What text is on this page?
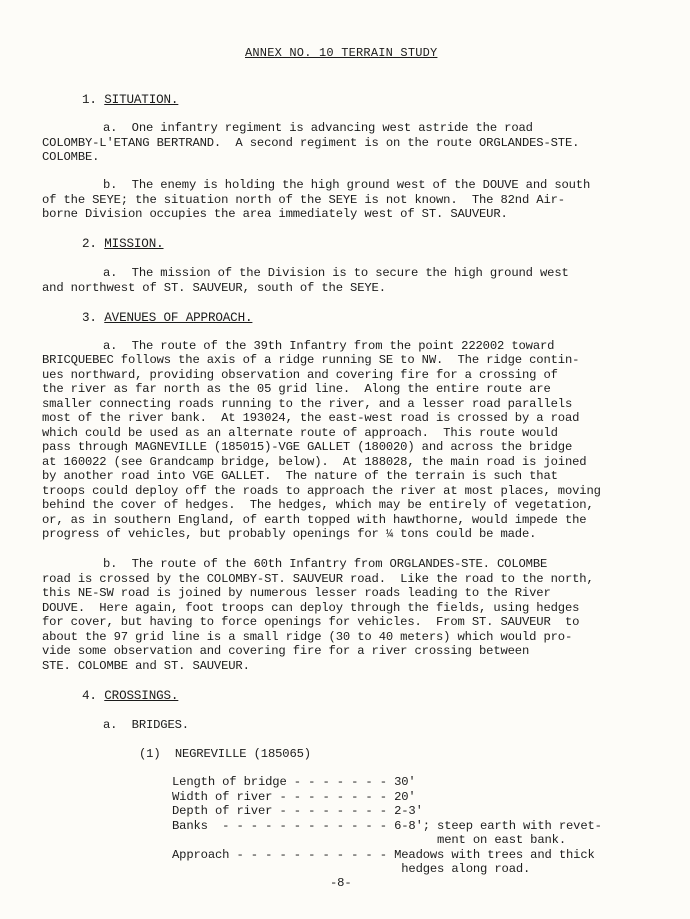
ANNEX NO. 10 TERRAIN STUDY
1. SITUATION.
a.  One infantry regiment is advancing west astride the road
COLOMBY-L'ETANG BERTRAND.  A second regiment is on the route ORGLANDES-STE.
COLOMBE.
b.  The enemy is holding the high ground west of the DOUVE and south
of the SEYE; the situation north of the SEYE is not known.  The 82nd Air-
borne Division occupies the area immediately west of ST. SAUVEUR.
2. MISSION.
a.  The mission of the Division is to secure the high ground west
and northwest of ST. SAUVEUR, south of the SEYE.
3. AVENUES OF APPROACH.
a.  The route of the 39th Infantry from the point 222002 toward
BRICQUEBEC follows the axis of a ridge running SE to NW.  The ridge contin-
ues northward, providing observation and covering fire for a crossing of
the river as far north as the 05 grid line.  Along the entire route are
smaller connecting roads running to the river, and a lesser road parallels
most of the river bank.  At 193024, the east-west road is crossed by a road
which could be used as an alternate route of approach.  This route would
pass through MAGNEVILLE (185015)-VGE GALLET (180020) and across the bridge
at 160022 (see Grandcamp bridge, below).  At 188028, the main road is joined
by another road into VGE GALLET.  The nature of the terrain is such that
troops could deploy off the roads to approach the river at most places, moving
behind the cover of hedges.  The hedges, which may be entirely of vegetation,
or, as in southern England, of earth topped with hawthorne, would impede the
progress of vehicles, but probably openings for ¼ tons could be made.
b.  The route of the 60th Infantry from ORGLANDES-STE. COLOMBE
road is crossed by the COLOMBY-ST. SAUVEUR road.  Like the road to the north,
this NE-SW road is joined by numerous lesser roads leading to the River
DOUVE.  Here again, foot troops can deploy through the fields, using hedges
for cover, but having to force openings for vehicles.  From ST. SAUVEUR  to
about the 97 grid line is a small ridge (30 to 40 meters) which would pro-
vide some observation and covering fire for a river crossing between
STE. COLOMBE and ST. SAUVEUR.
4. CROSSINGS.
a.  BRIDGES.
(1)  NEGREVILLE (185065)
Length of bridge - - - - - - - 30'
Width of river - - - - - - - - 20'
Depth of river - - - - - - - - 2-3'
Banks  - - - - - - - - - - - - 6-8'; steep earth with revet-
ment on east bank.
Approach - - - - - - - - - - - Meadows with trees and thick
hedges along road.
-8-
